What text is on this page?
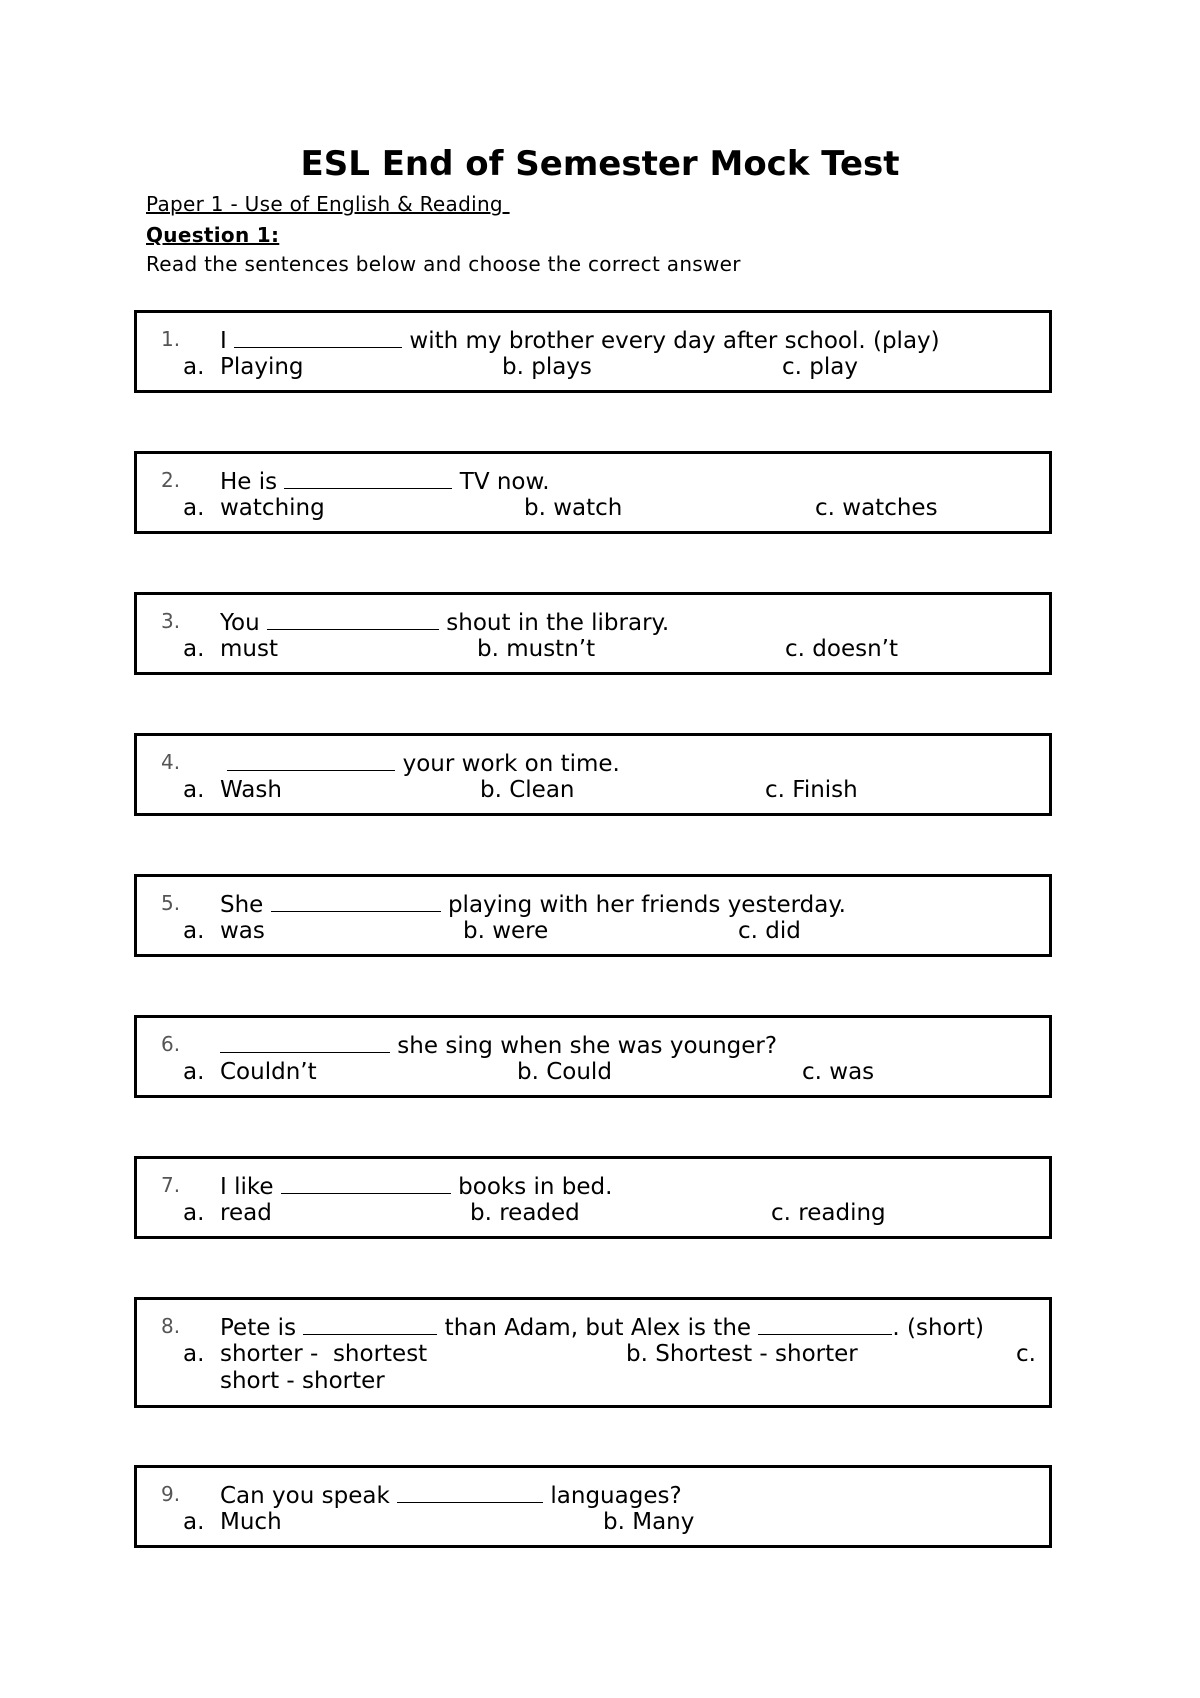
ESL End of Semester Mock Test
Paper 1 - Use of English & Reading
Question 1:
Read the sentences below and choose the correct answer
1. I	with my brother every day after school. (play)
a. Playing	b. plays	c. play
2. He is	TV now.
a. watching	b. watch	c. watches
3. You	shout in the library.
a. must	b. mustn’t	c. doesn’t
4.	your work on time.
a. Wash	b. Clean	c. Finish
5. She	playing with her friends yesterday.
a. was	b. were	c. did
6.	she sing when she was younger?
a. Couldn’t	b. Could	c. was
7. I like	books in bed.
a. read	b. readed	c. reading
8. Pete is	than Adam, but Alex is the	. (short)
a. shorter -  shortest	b. Shortest - shorter	c.
short - shorter
9. Can you speak	languages?
a. Much	b. Many
